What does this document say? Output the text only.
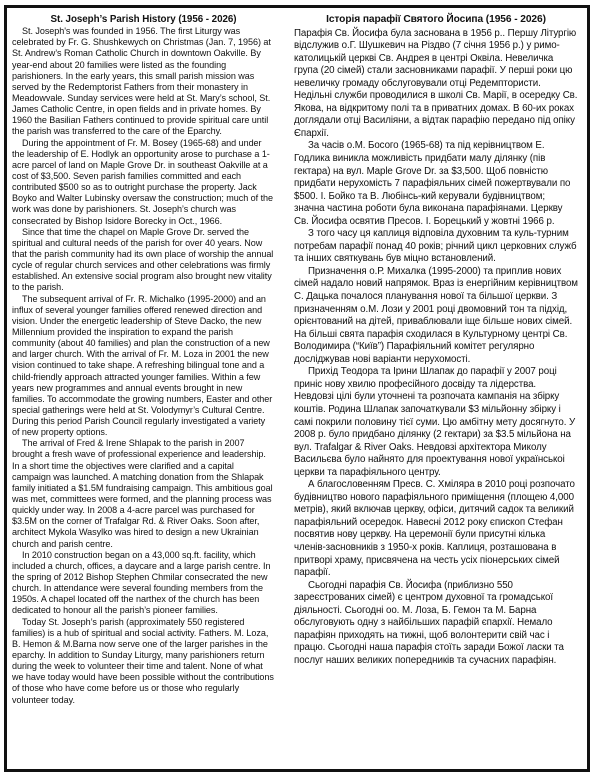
St. Joseph’s Parish History (1956 - 2026)

St. Joseph's was founded in 1956. The first Liturgy was celebrated by Fr. G. Shushkewych on Christmas (Jan. 7, 1956) at St. Andrew’s Roman Catholic Church in downtown Oakville. By year-end about 20 families were listed as the founding parishioners. In the early years, this small parish mission was served by the Redemptorist Fathers from their monastery in Meadowvale. Sunday services were held at St. Mary’s school, St. James Catholic Centre, in open fields and in private homes. By 1960 the Basilian Fathers continued to provide spiritual care until the parish was transferred to the care of the Eparchy.

During the appointment of Fr. M. Bosey (1965-68) and under the leadership of E. Hodlyk an opportunity arose to purchase a 1- acre parcel of land on Maple Grove Dr. in southeast Oakville at a cost of $3,500. Seven parish families committed and each contributed $500 so as to outright purchase the property. Jack Boyko and Walter Lubinsky oversaw the construction; much of the work was done by parishioners. St. Joseph’s church was consecrated by Bishop Isidore Borecky in Oct., 1966.

Since that time the chapel on Maple Grove Dr. served the spiritual and cultural needs of the parish for over 40 years. Now that the parish community had its own place of worship the annual cycle of regular church services and other celebrations was firmly established. An extensive social program also brought new vitality to the parish.

The subsequent arrival of Fr. R. Michalko (1995-2000) and an influx of several younger families offered renewed direction and vision. Under the energetic leadership of Steve Dacko, the new Millennium provided the inspiration to expand the parish community (about 40 families) and plan the construction of a new and larger church. With the arrival of Fr. M. Loza in 2001 the new vision continued to take shape. A refreshing bilingual tone and a child-friendly approach attracted younger families. Within a few years new programmes and annual events brought in new families. To accommodate the growing numbers, Easter and other special gatherings were held at St. Volodymyr’s Cultural Centre. During this period Parish Council regularly investigated a variety of new property options.

The arrival of Fred & Irene Shlapak to the parish in 2007 brought a fresh wave of professional experience and leadership. In a short time the objectives were clarified and a capital campaign was launched. A matching donation from the Shlapak family initiated a $1.5M fundraising campaign. This ambitious goal was met, committees were formed, and the planning process was quickly under way. In 2008 a 4-acre parcel was purchased for $3.5M on the corner of Trafalgar Rd. & River Oaks. Soon after, architect Mykola Wasylko was hired to design a new Ukrainian church and parish centre.

In 2010 construction began on a 43,000 sq.ft. facility, which included a church, offices, a daycare and a large parish centre. In the spring of 2012 Bishop Stephen Chmilar consecrated the new church. In attendance were several founding members from the 1950s. A chapel located off the narthex of the church has been dedicated to honour all the parish’s pioneer families.

Today St. Joseph’s parish (approximately 550 registered families) is a hub of spiritual and social activity. Fathers. M. Loza, B. Hemon & M.Barna now serve one of the larger parishes in the eparchy. In addition to Sunday Liturgy, many parishioners return during the week to volunteer their time and talent. None of what we have today would have been possible without the contributions of those who have come before us or those who regularly volunteer today.

Історія парафії Святого Йосипа (1956 - 2026)

Парафія Св. Йосифа була заснована в 1956 р.. Першу Літургію відслужив о.Г. Шушкевич на Різдво (7 січня 1956 р.) у римо-католицькій церкві Св. Андрея в центрі Оквіла. Невеличка група (20 сімей) стали засновниками парафії. У перші роки цю невеличку громаду обслуговували отці Редемптористи. Недільні служби проводилися в школі Св. Марії, в осередку Св. Якова, на відкритому полі та в приватних домах. В 60-их роках доглядали отці Василіяни, а відтак парафію передано під опіку Єпархії.

За часів о.М. Босого (1965-68) та під керівництвом Е. Годлика виникла можливість придбати малу ділянку (пів гектара) на вул. Maple Grove Dr. за $3,500. Щоб повністю придбати нерухомість 7 парафіяльних сімей пожертвували по $500. І. Бойко та В. Любінсь-кий керували будівництвом; значна частина роботи була виконана парафіянами. Церкву Св. Йосифа освятив Пресов. І. Борецький у жовтні 1966 р.

З того часу ця каплиця відповіла духовним та куль-турним потребам парафії понад 40 років; річний цикл церковних служб та інших святкувань був міцно встановлений.

Призначення о.Р. Михалка (1995-2000) та приплив нових сімей надало новий напрямок. Враз із енергійним керівництвом С. Дацька почалося планування нової та більшої церкви. З призначенням о.М. Лози у 2001 році двомовний тон та підхід, орієнтований на дітей, приваблювали іще більше нових сімей. На більші свята парафія сходилася в Культурному центрі Св. Володимира (“Київ”) Парафіяльний комітет регулярно досліджував нові варіанти нерухомості.

Прихід Теодора та Ірини Шлапак до парафії у 2007 році приніс нову хвилю професійного досвіду та лідерства. Невдовзі цілі були уточнені та розпочата кампанія на збірку коштів. Родина Шлапак започаткували $3 мільйонну збірку і самі покрили половину тієї суми. Цю амбітну мету досягнуто. У 2008 р. було придбано ділянку (2 гектари) за $3.5 мільйона на вул. Trafalgar & River Oaks. Невдовзі архітектора Миколу Васильєва було найнято для проектування нової українськоі церкви та парафіяльного центру.

А благословенням Пресв. С. Хміляра в 2010 році розпочато будівництво нового парафіяльного приміщення (площею 4,000 метрів), який включав церкву, офіси, дитячий садок та великий парафіяльний осередок. Навесні 2012 року єпископ Стефан посвятив нову церкву. На церемонії були присутні кілька членів-засновників з 1950-х років. Каплиця, розташована в притворі храму, присвячена на честь усіх піонерських сімей парафії.

Сьогодні парафія Св. Йосифа (приблизно 550 зареєстрованих сімей) є центром духовної та громадської діяльності. Сьогодні оо. М. Лоза, Б. Гемон та М. Барна обслуговують одну з найбільших парафій єпархії. Немало парафіян приходять на тижні, щоб волонтерити свій час і працю. Сьогодні наша парафія стоїть заради Божої ласки та послуг наших великих попередників та сучасних парафіян.
